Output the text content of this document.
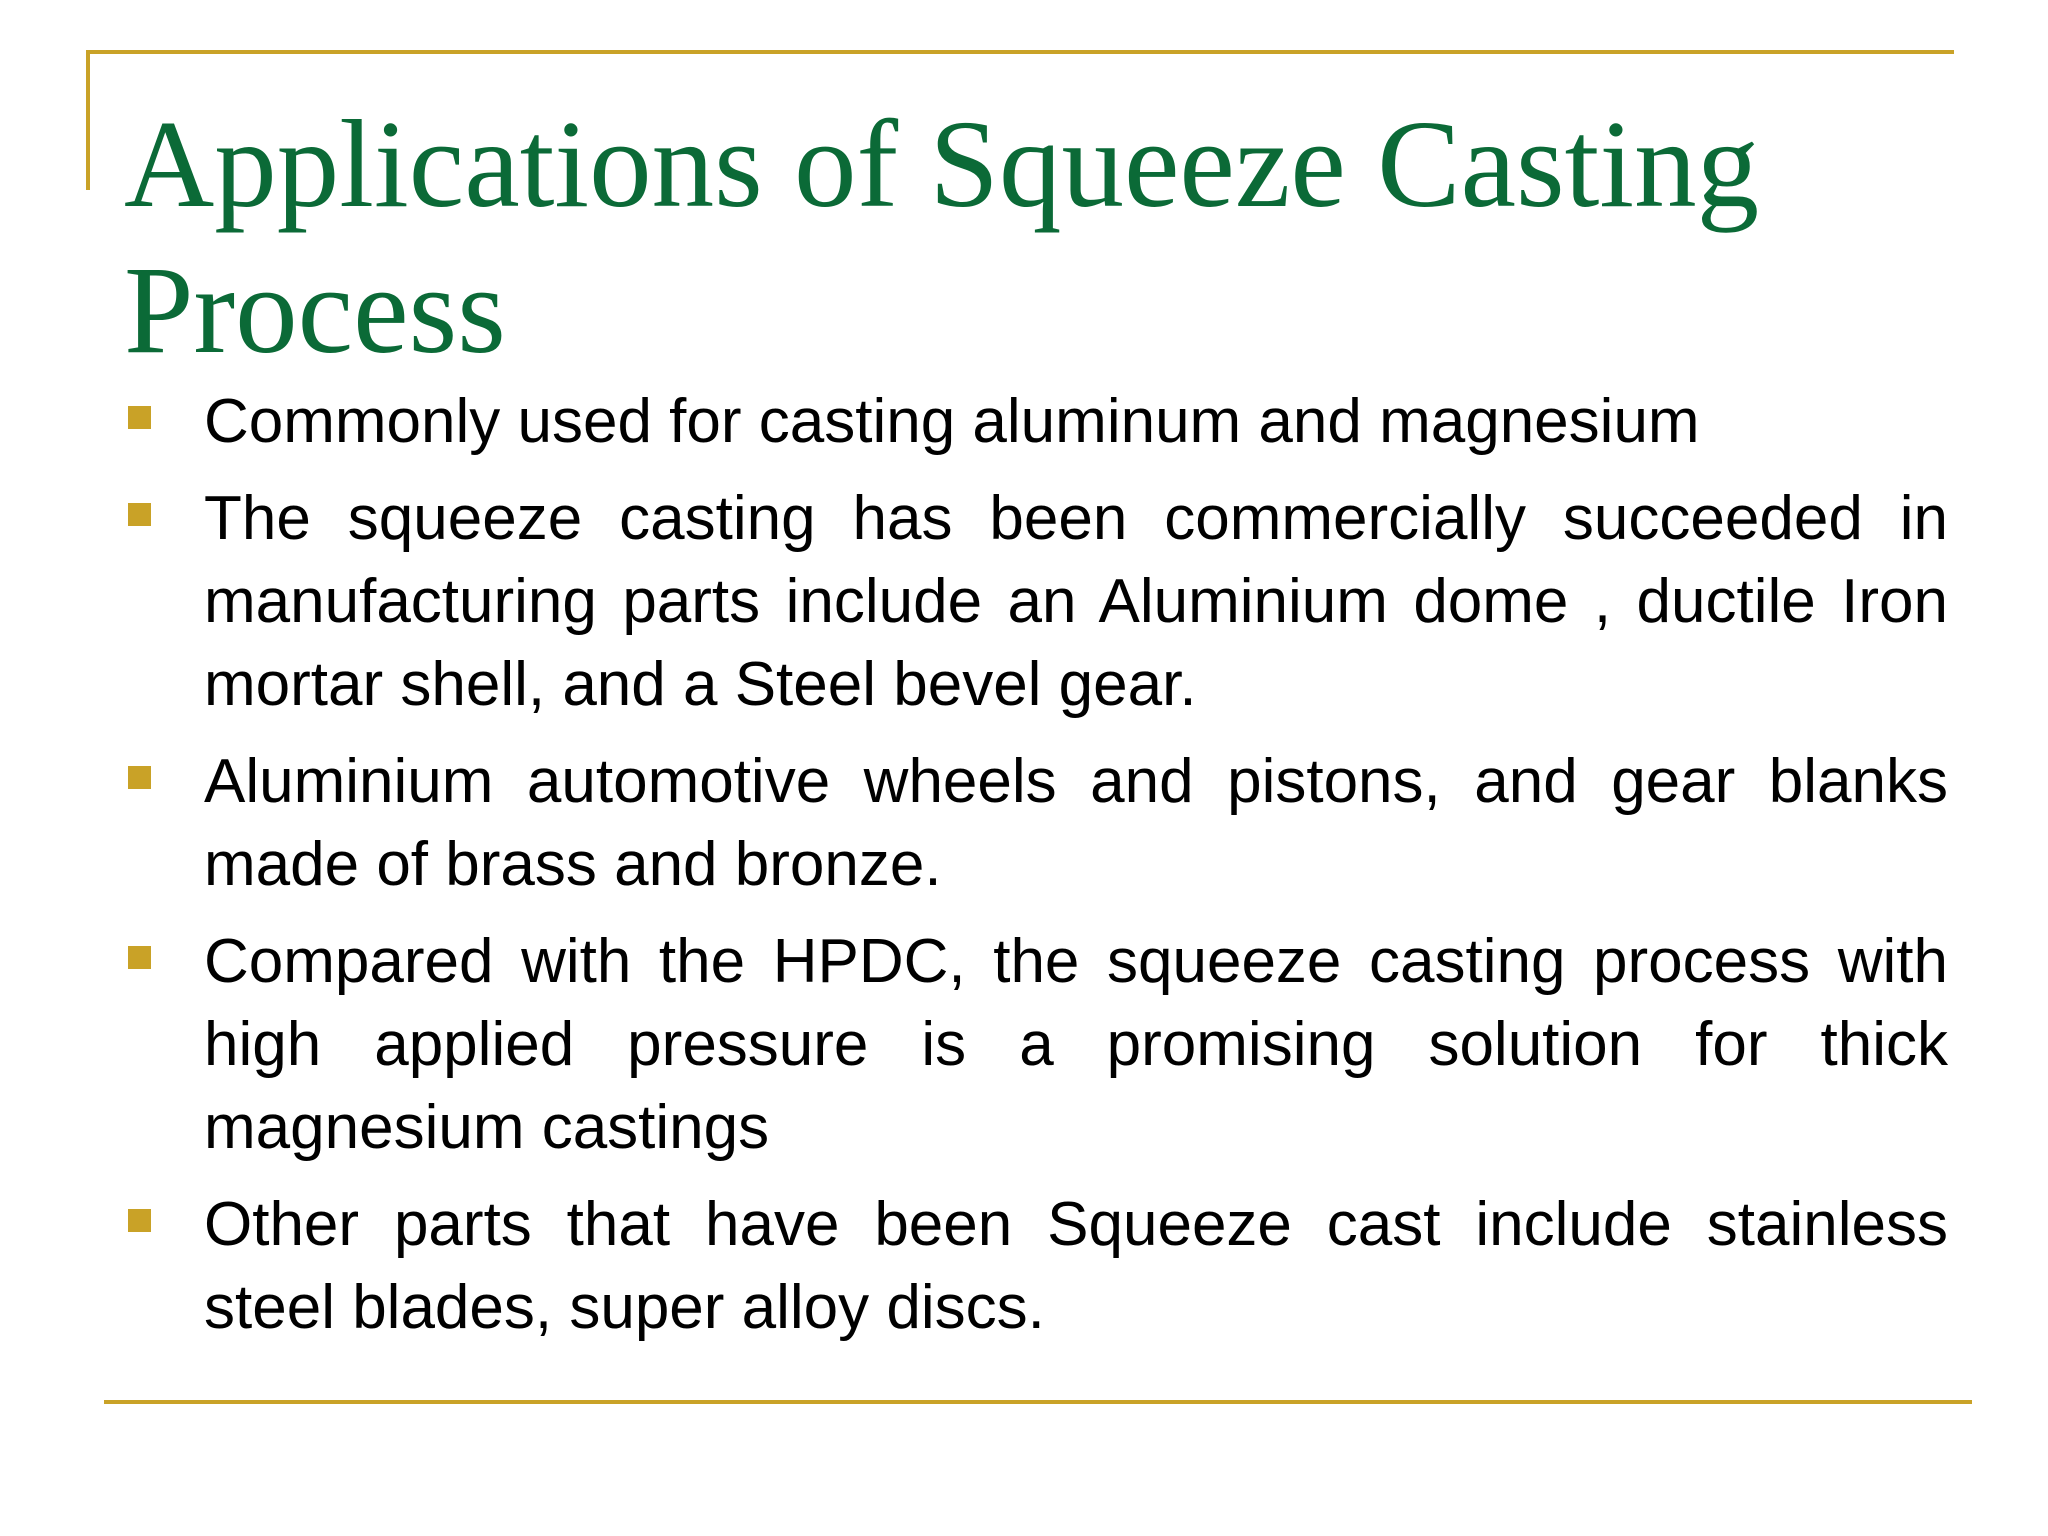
Applications of Squeeze Casting Process
Commonly used for casting aluminum and magnesium
The squeeze casting has been commercially succeeded in manufacturing parts include an Aluminium dome , ductile Iron mortar shell, and a Steel bevel gear.
Aluminium automotive wheels and pistons, and gear blanks made of brass and bronze.
Compared with the HPDC, the squeeze casting process with high applied pressure is a promising solution for thick magnesium castings
Other parts that have been Squeeze cast include stainless steel blades, super alloy discs.
